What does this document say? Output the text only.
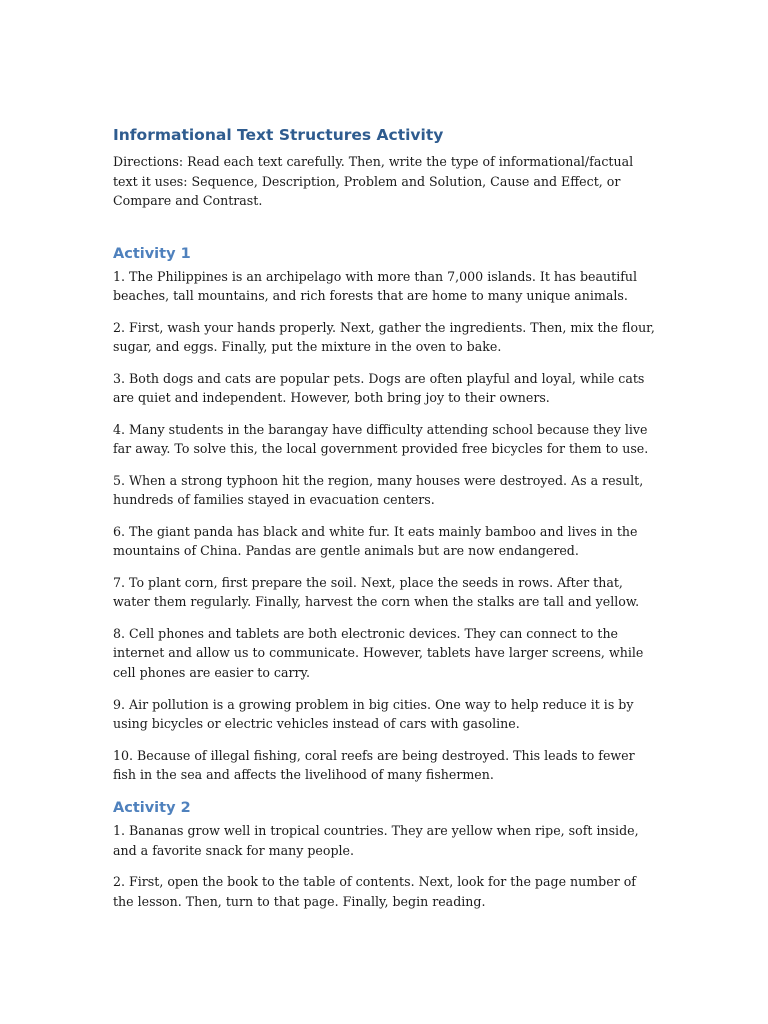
Informational Text Structures Activity

Directions: Read each text carefully. Then, write the type of informational/factual text it uses: Sequence, Description, Problem and Solution, Cause and Effect, or Compare and Contrast.

Activity 1

1. The Philippines is an archipelago with more than 7,000 islands. It has beautiful beaches, tall mountains, and rich forests that are home to many unique animals.

2. First, wash your hands properly. Next, gather the ingredients. Then, mix the flour, sugar, and eggs. Finally, put the mixture in the oven to bake.

3. Both dogs and cats are popular pets. Dogs are often playful and loyal, while cats are quiet and independent. However, both bring joy to their owners.

4. Many students in the barangay have difficulty attending school because they live far away. To solve this, the local government provided free bicycles for them to use.

5. When a strong typhoon hit the region, many houses were destroyed. As a result, hundreds of families stayed in evacuation centers.

6. The giant panda has black and white fur. It eats mainly bamboo and lives in the mountains of China. Pandas are gentle animals but are now endangered.

7. To plant corn, first prepare the soil. Next, place the seeds in rows. After that, water them regularly. Finally, harvest the corn when the stalks are tall and yellow.

8. Cell phones and tablets are both electronic devices. They can connect to the internet and allow us to communicate. However, tablets have larger screens, while cell phones are easier to carry.

9. Air pollution is a growing problem in big cities. One way to help reduce it is by using bicycles or electric vehicles instead of cars with gasoline.

10. Because of illegal fishing, coral reefs are being destroyed. This leads to fewer fish in the sea and affects the livelihood of many fishermen.

Activity 2

1. Bananas grow well in tropical countries. They are yellow when ripe, soft inside, and a favorite snack for many people.

2. First, open the book to the table of contents. Next, look for the page number of the lesson. Then, turn to that page. Finally, begin reading.
